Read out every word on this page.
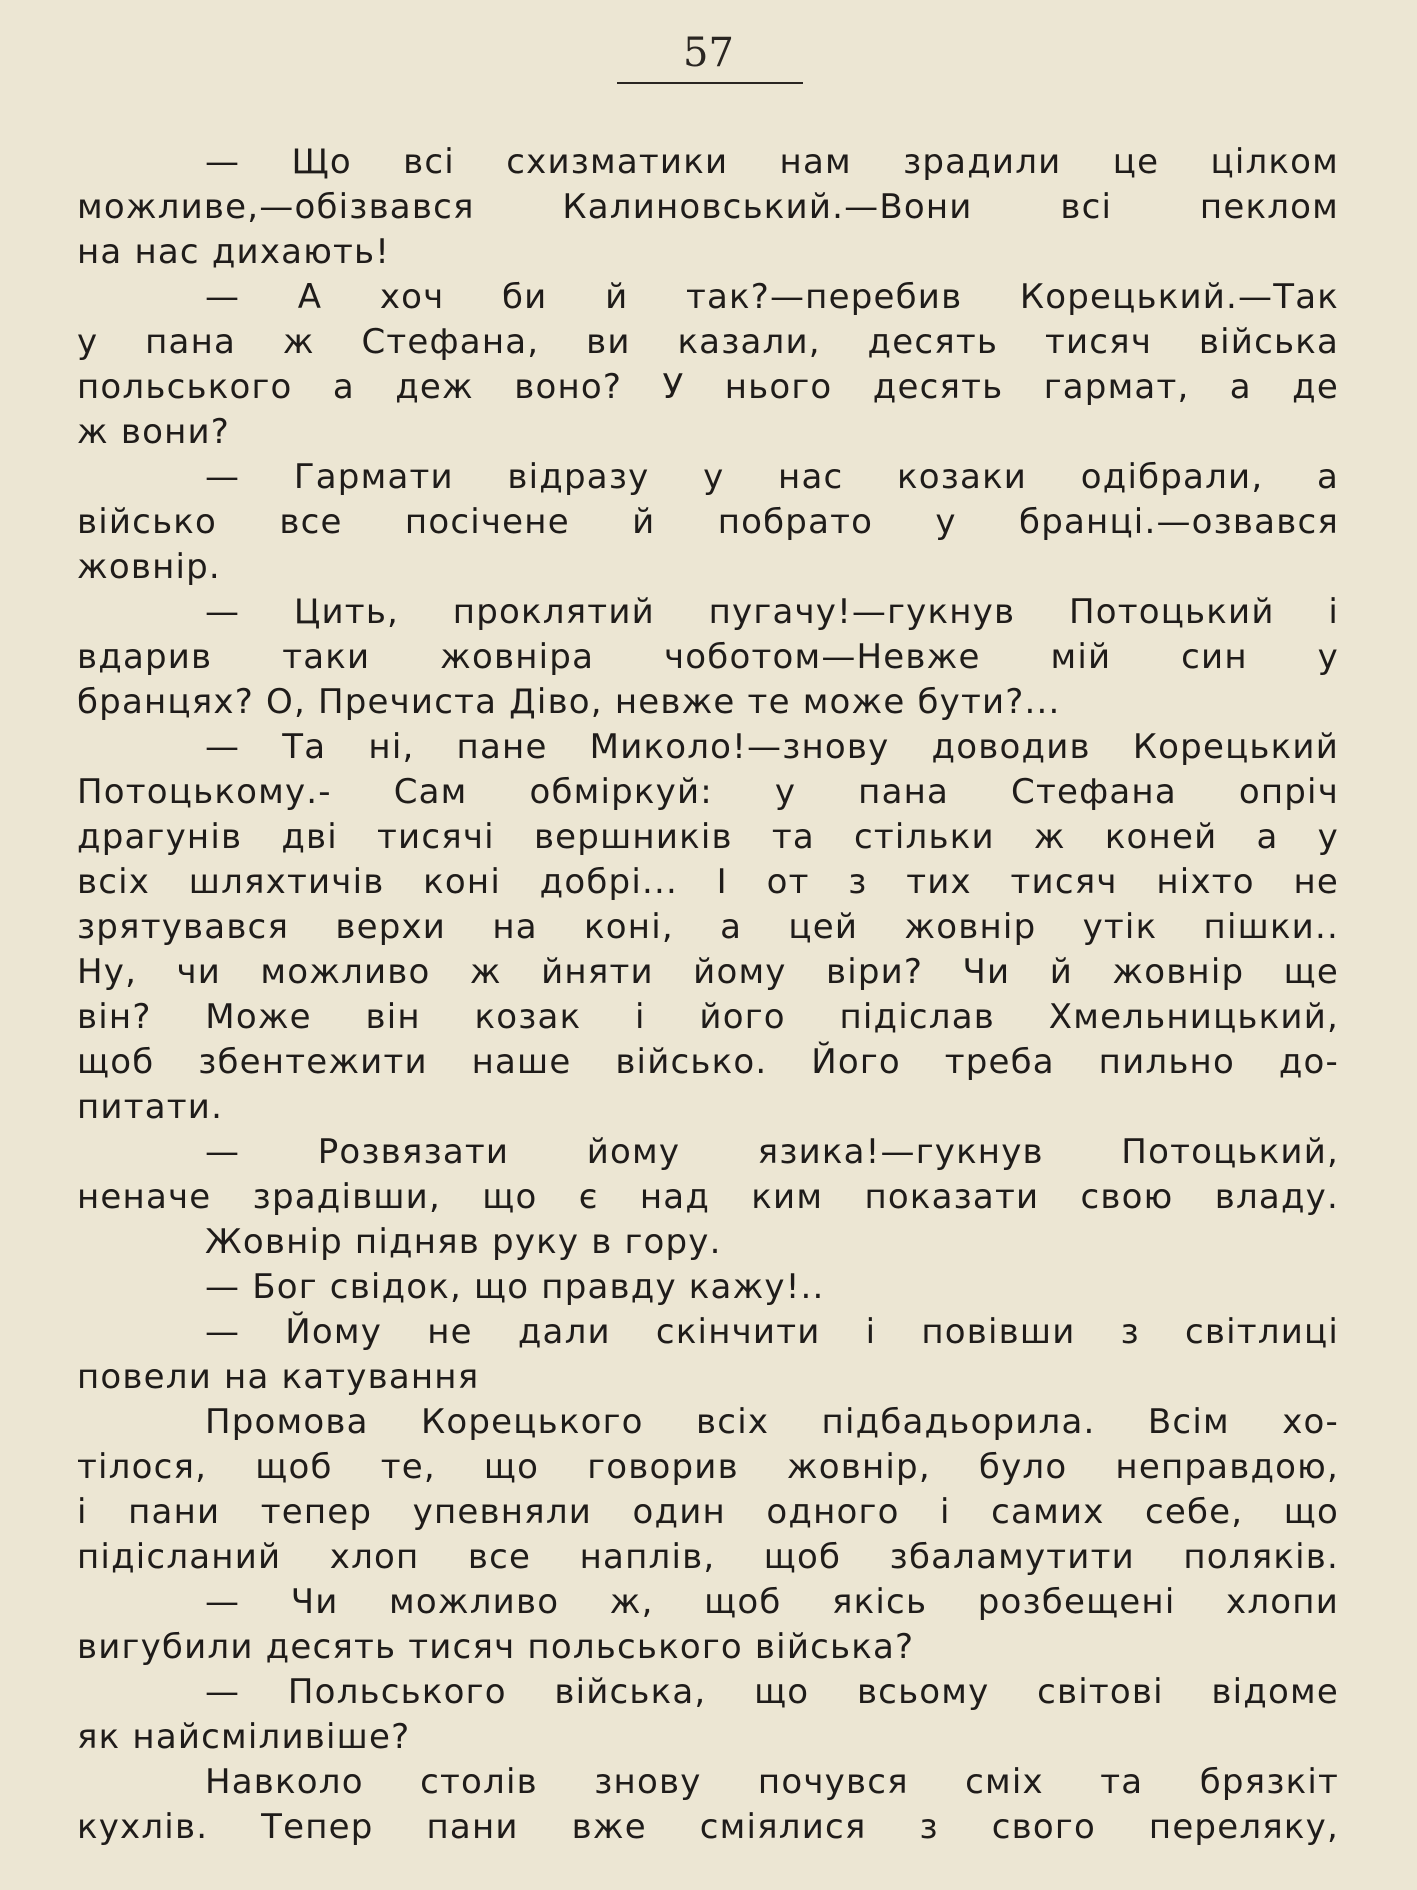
57
— Що всі схизматики нам зрадили це цілком
можливе,—обізвався Калиновський.—Вони всі пеклом
на нас дихають!
— А хоч би й так?—перебив Корецький.—Так
у пана ж Стефана, ви казали, десять тисяч війська
польського а деж воно? У нього десять гармат, а де
ж вони?
— Гармати відразу у нас козаки одібрали, а
військо все посічене й побрато у бранці.—озвався
жовнір.
— Цить, проклятий пугачу!—гукнув Потоцький і
вдарив таки жовніра чоботом—Невже мій син у
бранцях? О, Пречиста Діво, невже те може бути?...
— Та ні, пане Миколо!—знову доводив Корецький
Потоцькому.- Сам обміркуй: у пана Стефана опріч
драгунів дві тисячі вершників та стільки ж коней а у
всіх шляхтичів коні добрі... І от з тих тисяч ніхто не
зрятувався верхи на коні, а цей жовнір утік пішки..
Ну, чи можливо ж йняти йому віри? Чи й жовнір ще
він? Може він козак і його підіслав Хмельницький,
щоб збентежити наше військо. Його треба пильно до-
питати.
— Розвязати йому язика!—гукнув Потоцький,
неначе зрадівши, що є над ким показати свою владу.
Жовнір підняв руку в гору.
— Бог свідок, що правду кажу!..
— Йому не дали скінчити і повівши з світлиці
повели на катування
Промова Корецького всіх підбадьорила. Всім хо-
тілося, щоб те, що говорив жовнір, було неправдою,
і пани тепер упевняли один одного і самих себе, що
підісланий хлоп все наплів, щоб збаламутити поляків.
— Чи можливо ж, щоб якісь розбещені хлопи
вигубили десять тисяч польського війська?
— Польського війська, що всьому світові відоме
як найсміливіше?
Навколо столів знову почувся сміх та брязкіт
кухлів. Тепер пани вже сміялися з свого переляку,
